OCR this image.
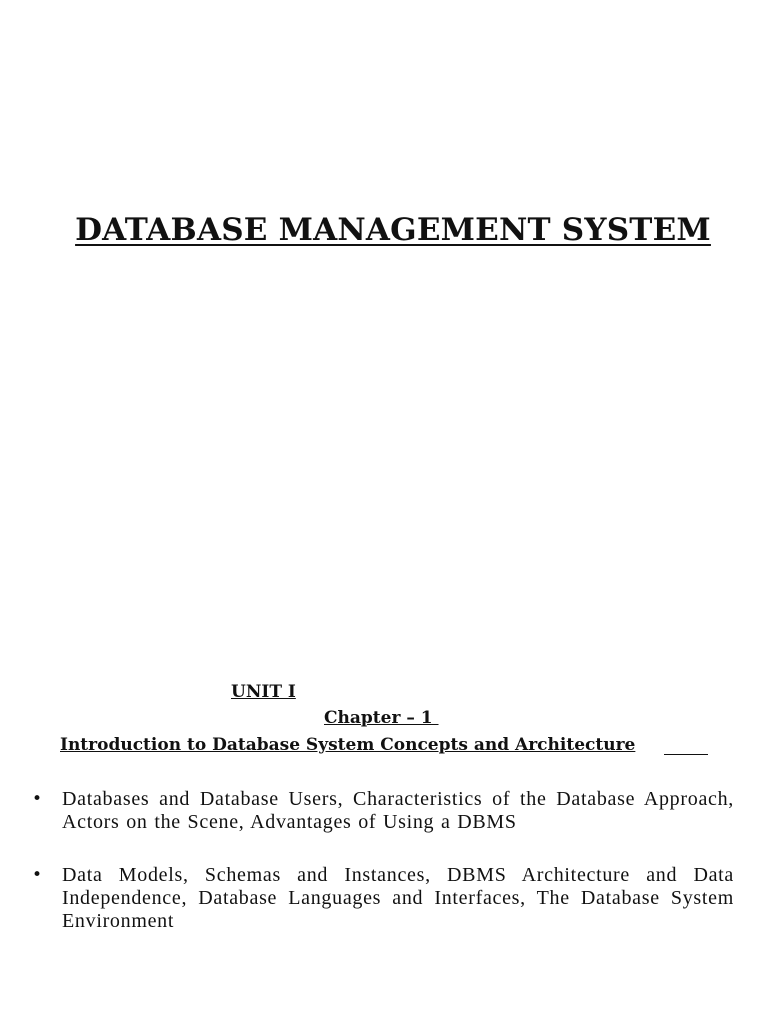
DATABASE MANAGEMENT SYSTEM
UNIT I
Chapter – 1
Introduction to Database System Concepts and Architecture
• Databases and Database Users, Characteristics of the Database Approach, Actors on the Scene, Advantages of Using a DBMS
• Data Models, Schemas and Instances, DBMS Architecture and Data Independence, Database Languages and Interfaces, The Database System Environment
